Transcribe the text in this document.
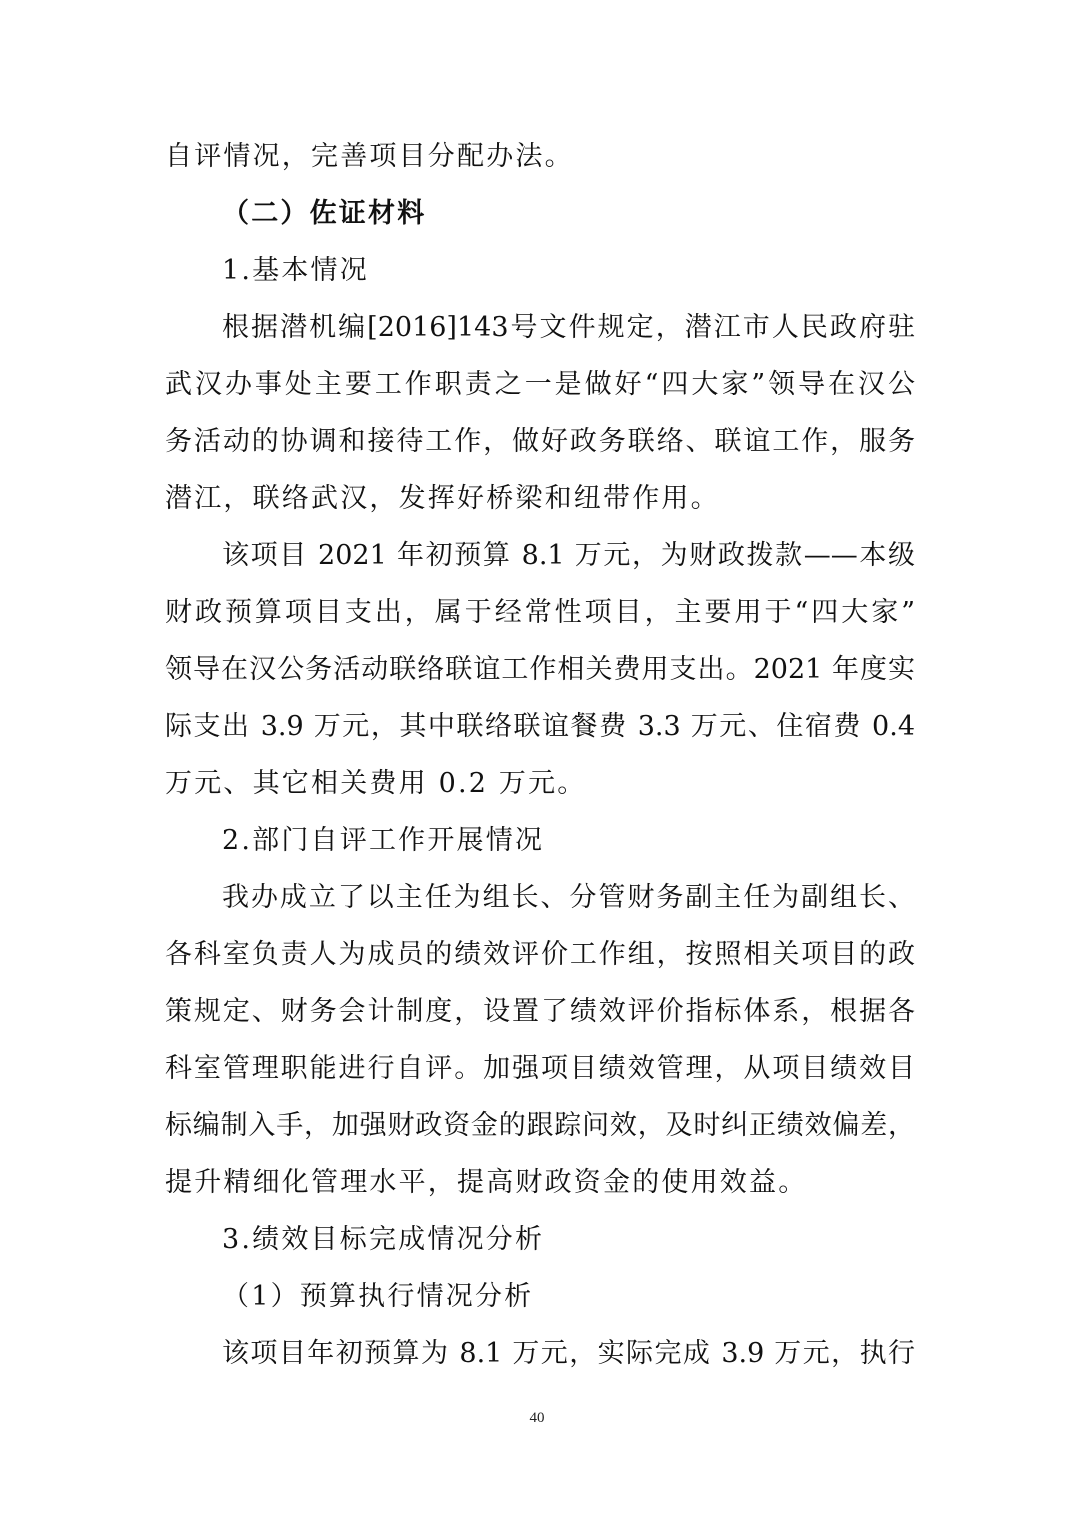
自评情况，完善项目分配办法。
（二）佐证材料
1.基本情况
根据潜机编[2016]143号文件规定，潜江市人民政府驻
武汉办事处主要工作职责之一是做好“四大家”领导在汉公
务活动的协调和接待工作，做好政务联络、联谊工作，服务
潜江，联络武汉，发挥好桥梁和纽带作用。
该项目 2021 年初预算 8.1 万元，为财政拨款——本级
财政预算项目支出，属于经常性项目，主要用于“四大家”
领导在汉公务活动联络联谊工作相关费用支出。2021 年度实
际支出 3.9 万元，其中联络联谊餐费 3.3 万元、住宿费 0.4
万元、其它相关费用 0.2 万元。
2.部门自评工作开展情况
我办成立了以主任为组长、分管财务副主任为副组长、
各科室负责人为成员的绩效评价工作组，按照相关项目的政
策规定、财务会计制度，设置了绩效评价指标体系，根据各
科室管理职能进行自评。加强项目绩效管理，从项目绩效目
标编制入手，加强财政资金的跟踪问效，及时纠正绩效偏差，
提升精细化管理水平，提高财政资金的使用效益。
3.绩效目标完成情况分析
（1）预算执行情况分析
该项目年初预算为 8.1 万元，实际完成 3.9 万元，执行
40
